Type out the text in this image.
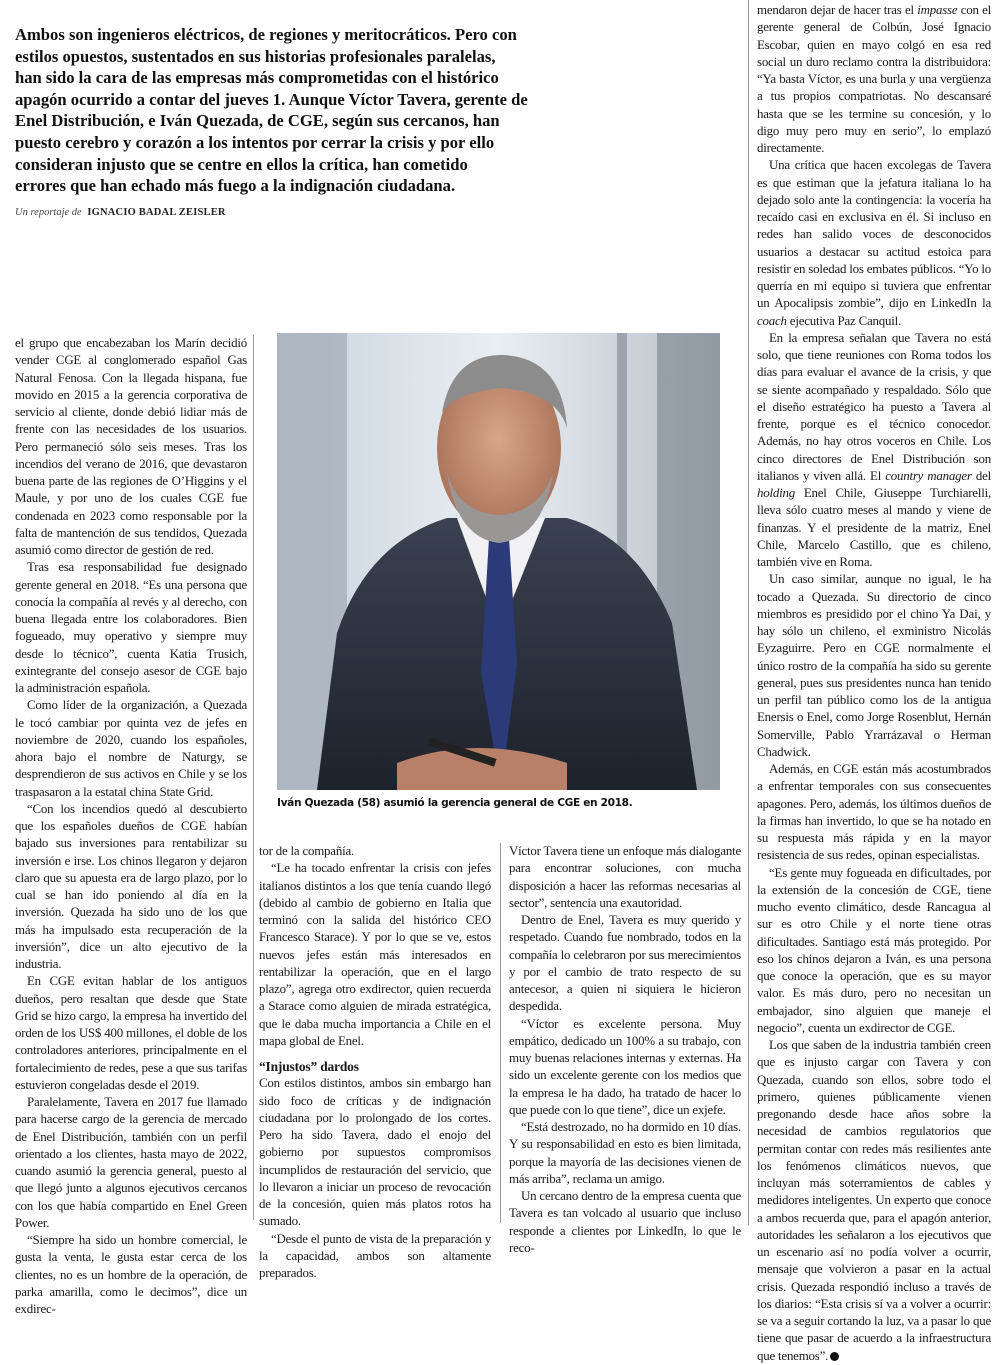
Ambos son ingenieros eléctricos, de regiones y meritocráticos. Pero con
estilos opuestos, sustentados en sus historias profesionales paralelas,
han sido la cara de las empresas más comprometidas con el histórico
apagón ocurrido a contar del jueves 1. Aunque Víctor Tavera, gerente de
Enel Distribución, e Iván Quezada, de CGE, según sus cercanos, han
puesto cerebro y corazón a los intentos por cerrar la crisis y por ello
consideran injusto que se centre en ellos la crítica, han cometido
errores que han echado más fuego a la indignación ciudadana.
Un reportaje de IGNACIO BADAL ZEISLER

el grupo que encabezaban los Marín decidió vender CGE al conglomerado español Gas Natural Fenosa. Con la llegada hispana, fue movido en 2015 a la gerencia corporativa de servicio al cliente, donde debió lidiar más de frente con las necesidades de los usuarios. Pero permaneció sólo seis meses. Tras los incendios del verano de 2016, que devastaron buena parte de las regiones de O’Higgins y el Maule, y por uno de los cuales CGE fue condenada en 2023 como responsable por la falta de mantención de sus tendidos, Quezada asumió como director de gestión de red.

Tras esa responsabilidad fue designado gerente general en 2018. “Es una persona que conocía la compañía al revés y al derecho, con buena llegada entre los colaboradores. Bien fogueado, muy operativo y siempre muy desde lo técnico”, cuenta Katia Trusich, exintegrante del consejo asesor de CGE bajo la administración española.

Como líder de la organización, a Quezada le tocó cambiar por quinta vez de jefes en noviembre de 2020, cuando los españoles, ahora bajo el nombre de Naturgy, se desprendieron de sus activos en Chile y se los traspasaron a la estatal china State Grid.

“Con los incendios quedó al descubierto que los españoles dueños de CGE habían bajado sus inversiones para rentabilizar su inversión e irse. Los chinos llegaron y dejaron claro que su apuesta era de largo plazo, por lo cual se han ido poniendo al día en la inversión. Quezada ha sido uno de los que más ha impulsado esta recuperación de la inversión”, dice un alto ejecutivo de la industria.

En CGE evitan hablar de los antiguos dueños, pero resaltan que desde que State Grid se hizo cargo, la empresa ha invertido del orden de los US$ 400 millones, el doble de los controladores anteriores, principalmente en el fortalecimiento de redes, pese a que sus tarifas estuvieron congeladas desde el 2019.

Paralelamente, Tavera en 2017 fue llamado para hacerse cargo de la gerencia de mercado de Enel Distribución, también con un perfil orientado a los clientes, hasta mayo de 2022, cuando asumió la gerencia general, puesto al que llegó junto a algunos ejecutivos cercanos con los que había compartido en Enel Green Power.

“Siempre ha sido un hombre comercial, le gusta la venta, le gusta estar cerca de los clientes, no es un hombre de la operación, de parka amarilla, como le decimos”, dice un exdirec-

Iván Quezada (58) asumió la gerencia general de CGE en 2018.

tor de la compañía.

“Le ha tocado enfrentar la crisis con jefes italianos distintos a los que tenía cuando llegó (debido al cambio de gobierno en Italia que terminó con la salida del histórico CEO Francesco Starace). Y por lo que se ve, estos nuevos jefes están más interesados en rentabilizar la operación, que en el largo plazo”, agrega otro exdirector, quien recuerda a Starace como alguien de mirada estratégica, que le daba mucha importancia a Chile en el mapa global de Enel.

“Injustos” dardos

Con estilos distintos, ambos sin embargo han sido foco de críticas y de indignación ciudadana por lo prolongado de los cortes. Pero ha sido Tavera, dado el enojo del gobierno por supuestos compromisos incumplidos de restauración del servicio, que lo llevaron a iniciar un proceso de revocación de la concesión, quien más platos rotos ha sumado.

“Desde el punto de vista de la preparación y la capacidad, ambos son altamente preparados.

Víctor Tavera tiene un enfoque más dialogante para encontrar soluciones, con mucha disposición a hacer las reformas necesarias al sector”, sentencia una exautoridad.

Dentro de Enel, Tavera es muy querido y respetado. Cuando fue nombrado, todos en la compañía lo celebraron por sus merecimientos y por el cambio de trato respecto de su antecesor, a quien ni siquiera le hicieron despedida.

“Víctor es excelente persona. Muy empático, dedicado un 100% a su trabajo, con muy buenas relaciones internas y externas. Ha sido un excelente gerente con los medios que la empresa le ha dado, ha tratado de hacer lo que puede con lo que tiene”, dice un exjefe.

“Está destrozado, no ha dormido en 10 días. Y su responsabilidad en esto es bien limitada, porque la mayoría de las decisiones vienen de más arriba”, reclama un amigo.

Un cercano dentro de la empresa cuenta que Tavera es tan volcado al usuario que incluso responde a clientes por LinkedIn, lo que le reco-

mendaron dejar de hacer tras el impasse con el gerente general de Colbún, José Ignacio Escobar, quien en mayo colgó en esa red social un duro reclamo contra la distribuidora: “Ya basta Víctor, es una burla y una vergüenza a tus propios compatriotas. No descansaré hasta que se les termine su concesión, y lo digo muy pero muy en serio”, lo emplazó directamente.

Una crítica que hacen excolegas de Tavera es que estiman que la jefatura italiana lo ha dejado solo ante la contingencia: la vocería ha recaído casi en exclusiva en él. Si incluso en redes han salido voces de desconocidos usuarios a destacar su actitud estoica para resistir en soledad los embates públicos. “Yo lo querría en mi equipo si tuviera que enfrentar un Apocalipsis zombie”, dijo en LinkedIn la coach ejecutiva Paz Canquil.

En la empresa señalan que Tavera no está solo, que tiene reuniones con Roma todos los días para evaluar el avance de la crisis, y que se siente acompañado y respaldado. Sólo que el diseño estratégico ha puesto a Tavera al frente, porque es el técnico conocedor. Además, no hay otros voceros en Chile. Los cinco directores de Enel Distribución son italianos y viven allá. El country manager del holding Enel Chile, Giuseppe Turchiarelli, lleva sólo cuatro meses al mando y viene de finanzas. Y el presidente de la matriz, Enel Chile, Marcelo Castillo, que es chileno, también vive en Roma.

Un caso similar, aunque no igual, le ha tocado a Quezada. Su directorio de cinco miembros es presidido por el chino Ya Dai, y hay sólo un chileno, el exministro Nicolás Eyzaguirre. Pero en CGE normalmente el único rostro de la compañía ha sido su gerente general, pues sus presidentes nunca han tenido un perfil tan público como los de la antigua Enersis o Enel, como Jorge Rosenblut, Hernán Somerville, Pablo Yrarrázaval o Herman Chadwick.

Además, en CGE están más acostumbrados a enfrentar temporales con sus consecuentes apagones. Pero, además, los últimos dueños de la firmas han invertido, lo que se ha notado en su respuesta más rápida y en la mayor resistencia de sus redes, opinan especialistas.

“Es gente muy fogueada en dificultades, por la extensión de la concesión de CGE, tiene mucho evento climático, desde Rancagua al sur es otro Chile y el norte tiene otras dificultades. Santiago está más protegido. Por eso los chinos dejaron a Iván, es una persona que conoce la operación, que es su mayor valor. Es más duro, pero no necesitan un embajador, sino alguien que maneje el negocio”, cuenta un exdirector de CGE.

Los que saben de la industria también creen que es injusto cargar con Tavera y con Quezada, cuando son ellos, sobre todo el primero, quienes públicamente vienen pregonando desde hace años sobre la necesidad de cambios regulatorios que permitan contar con redes más resilientes ante los fenómenos climáticos nuevos, que incluyan más soterramientos de cables y medidores inteligentes. Un experto que conoce a ambos recuerda que, para el apagón anterior, autoridades les señalaron a los ejecutivos que un escenario así no podía volver a ocurrir, mensaje que volvieron a pasar en la actual crisis. Quezada respondió incluso a través de los diarios: “Esta crisis sí va a volver a ocurrir: se va a seguir cortando la luz, va a pasar lo que tiene que pasar de acuerdo a la infraestructura que tenemos”.
